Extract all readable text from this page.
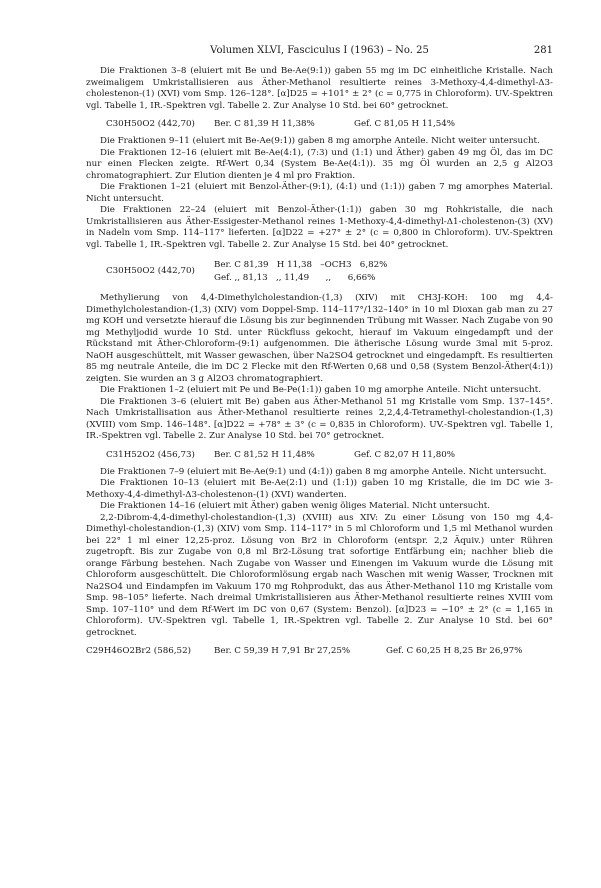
Volumen XLVI, Fasciculus I (1963) – No. 25	281

Die Fraktionen 3–8 (eluiert mit Be und Be-Ae(9:1)) gaben 55 mg im DC einheitliche Kristalle. Nach zweimaligem Umkristallisieren aus Äther-Methanol resultierte reines 3-Methoxy-4,4-dimethyl-Δ3-cholestenon-(1) (XVI) vom Smp. 126–128°. [α]D25 = +101° ± 2° (c = 0,775 in Chloroform). UV.-Spektren vgl. Tabelle 1, IR.-Spektren vgl. Tabelle 2. Zur Analyse 10 Std. bei 60° getrocknet.

C30H50O2 (442,70) Ber. C 81,39 H 11,38%	Gef. C 81,05 H 11,54%

Die Fraktionen 9–11 (eluiert mit Be-Ae(9:1)) gaben 8 mg amorphe Anteile. Nicht weiter untersucht.

Die Fraktionen 12–16 (eluiert mit Be-Ae(4:1), (7:3) und (1:1) und Äther) gaben 49 mg Öl, das im DC nur einen Flecken zeigte. Rf-Wert 0,34 (System Be-Ae(4:1)). 35 mg Öl wurden an 2,5 g Al2O3 chromatographiert. Zur Elution dienten je 4 ml pro Fraktion.

Die Fraktionen 1–21 (eluiert mit Benzol-Äther-(9:1), (4:1) und (1:1)) gaben 7 mg amorphes Material. Nicht untersucht.

Die Fraktionen 22–24 (eluiert mit Benzol-Äther-(1:1)) gaben 30 mg Rohkristalle, die nach Umkristallisieren aus Äther-Essigester-Methanol reines 1-Methoxy-4,4-dimethyl-Δ1-cholestenon-(3) (XV) in Nadeln vom Smp. 114–117° lieferten. [α]D22 = +27° ± 2° (c = 0,800 in Chloroform). UV.-Spektren vgl. Tabelle 1, IR.-Spektren vgl. Tabelle 2. Zur Analyse 15 Std. bei 40° getrocknet.

C30H50O2 (442,70)
Ber. C 81,39   H 11,38   –OCH3   6,82%
Gef. ,, 81,13   ,, 11,49      ,,      6,66%

Methylierung von 4,4-Dimethylcholestandion-(1,3) (XIV) mit CH3J-KOH: 100 mg 4,4-Dimethylcholestandion-(1,3) (XIV) vom Doppel-Smp. 114–117°/132–140° in 10 ml Dioxan gab man zu 27 mg KOH und versetzte hierauf die Lösung bis zur beginnenden Trübung mit Wasser. Nach Zugabe von 90 mg Methyljodid wurde 10 Std. unter Rückfluss gekocht, hierauf im Vakuum eingedampft und der Rückstand mit Äther-Chloroform-(9:1) aufgenommen. Die ätherische Lösung wurde 3mal mit 5-proz. NaOH ausgeschüttelt, mit Wasser gewaschen, über Na2SO4 getrocknet und eingedampft. Es resultierten 85 mg neutrale Anteile, die im DC 2 Flecke mit den Rf-Werten 0,68 und 0,58 (System Benzol-Äther(4:1)) zeigten. Sie wurden an 3 g Al2O3 chromatographiert.

Die Fraktionen 1–2 (eluiert mit Pe und Be-Pe(1:1)) gaben 10 mg amorphe Anteile. Nicht untersucht.

Die Fraktionen 3–6 (eluiert mit Be) gaben aus Äther-Methanol 51 mg Kristalle vom Smp. 137–145°. Nach Umkristallisation aus Äther-Methanol resultierte reines 2,2,4,4-Tetramethyl-cholestandion-(1,3) (XVIII) vom Smp. 146–148°. [α]D22 = +78° ± 3° (c = 0,835 in Chloroform). UV.-Spektren vgl. Tabelle 1, IR.-Spektren vgl. Tabelle 2. Zur Analyse 10 Std. bei 70° getrocknet.

C31H52O2 (456,73) Ber. C 81,52 H 11,48%	Gef. C 82,07 H 11,80%

Die Fraktionen 7–9 (eluiert mit Be-Ae(9:1) und (4:1)) gaben 8 mg amorphe Anteile. Nicht untersucht.

Die Fraktionen 10–13 (eluiert mit Be-Ae(2:1) und (1:1)) gaben 10 mg Kristalle, die im DC wie 3-Methoxy-4,4-dimethyl-Δ3-cholestenon-(1) (XVI) wanderten.

Die Fraktionen 14–16 (eluiert mit Äther) gaben wenig öliges Material. Nicht untersucht.

2,2-Dibrom-4,4-dimethyl-cholestandion-(1,3) (XVIII) aus XIV: Zu einer Lösung von 150 mg 4,4-Dimethyl-cholestandion-(1,3) (XIV) vom Smp. 114–117° in 5 ml Chloroform und 1,5 ml Methanol wurden bei 22° 1 ml einer 12,25-proz. Lösung von Br2 in Chloroform (entspr. 2,2 Äquiv.) unter Rühren zugetropft. Bis zur Zugabe von 0,8 ml Br2-Lösung trat sofortige Entfärbung ein; nachher blieb die orange Färbung bestehen. Nach Zugabe von Wasser und Einengen im Vakuum wurde die Lösung mit Chloroform ausgeschüttelt. Die Chloroformlösung ergab nach Waschen mit wenig Wasser, Trocknen mit Na2SO4 und Eindampfen im Vakuum 170 mg Rohprodukt, das aus Äther-Methanol 110 mg Kristalle vom Smp. 98–105° lieferte. Nach dreimal Umkristallisieren aus Äther-Methanol resultierte reines XVIII vom Smp. 107–110° und dem Rf-Wert im DC von 0,67 (System: Benzol). [α]D23 = −10° ± 2° (c = 1,165 in Chloroform). UV.-Spektren vgl. Tabelle 1, IR.-Spektren vgl. Tabelle 2. Zur Analyse 10 Std. bei 60° getrocknet.

C29H46O2Br2 (586,52)	Ber. C 59,39 H 7,91 Br 27,25%	Gef. C 60,25 H 8,25 Br 26,97%
